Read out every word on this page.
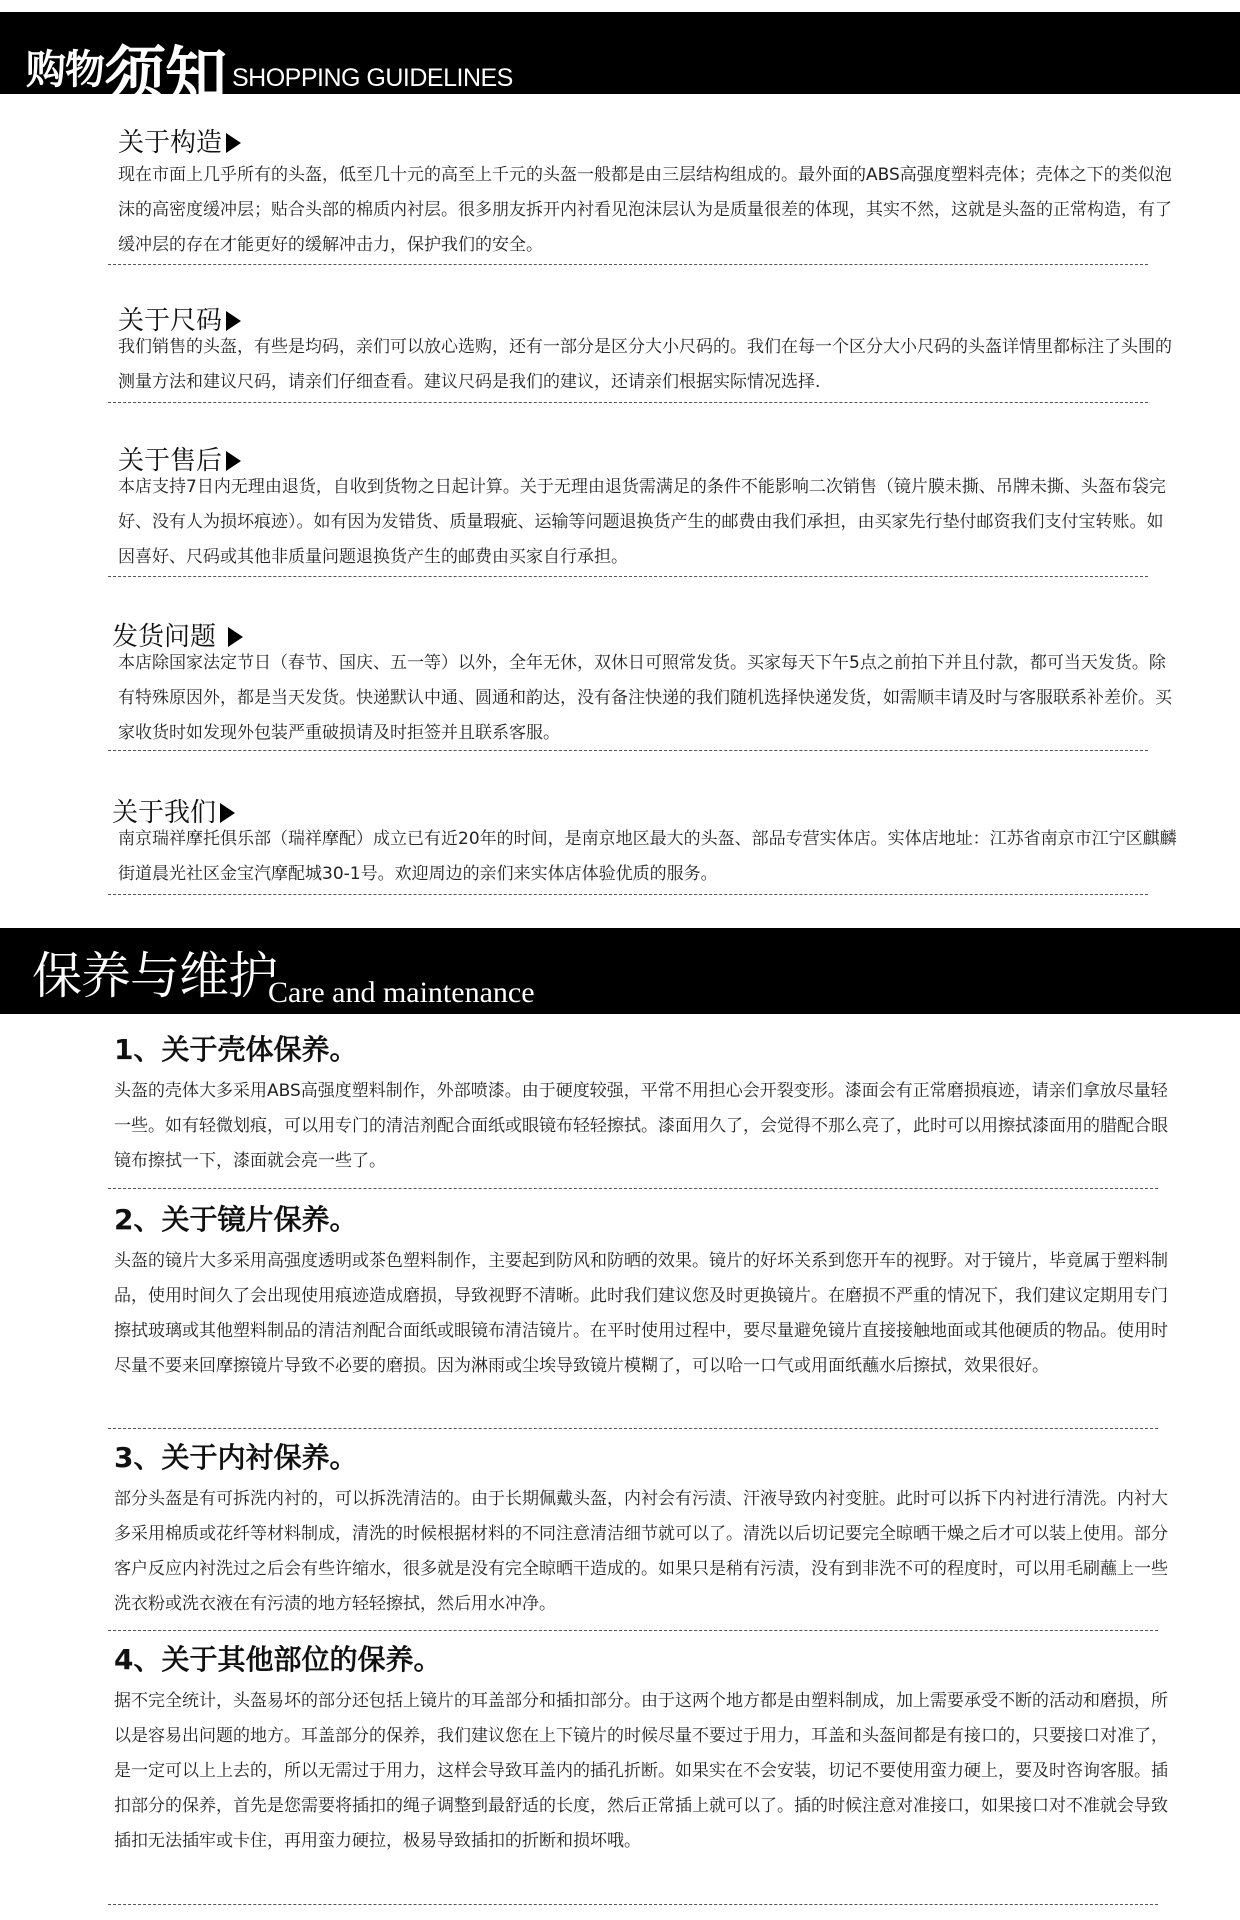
购物 须知 SHOPPING GUIDELINES
关于构造
现在市面上几乎所有的头盔，低至几十元的高至上千元的头盔一般都是由三层结构组成的。最外面的ABS高强度塑料壳体；壳体之下的类似泡沫的高密度缓冲层；贴合头部的棉质内衬层。很多朋友拆开内衬看见泡沫层认为是质量很差的体现，其实不然，这就是头盔的正常构造，有了缓冲层的存在才能更好的缓解冲击力，保护我们的安全。
关于尺码
我们销售的头盔，有些是均码，亲们可以放心选购，还有一部分是区分大小尺码的。我们在每一个区分大小尺码的头盔详情里都标注了头围的测量方法和建议尺码，请亲们仔细查看。建议尺码是我们的建议，还请亲们根据实际情况选择.
关于售后
本店支持7日内无理由退货，自收到货物之日起计算。关于无理由退货需满足的条件不能影响二次销售（镜片膜未撕、吊牌未撕、头盔布袋完好、没有人为损坏痕迹）。如有因为发错货、质量瑕疵、运输等问题退换货产生的邮费由我们承担，由买家先行垫付邮资我们支付宝转账。如因喜好、尺码或其他非质量问题退换货产生的邮费由买家自行承担。
发货问题
本店除国家法定节日（春节、国庆、五一等）以外，全年无休，双休日可照常发货。买家每天下午5点之前拍下并且付款，都可当天发货。除有特殊原因外，都是当天发货。快递默认中通、圆通和韵达，没有备注快递的我们随机选择快递发货，如需顺丰请及时与客服联系补差价。买家收货时如发现外包装严重破损请及时拒签并且联系客服。
关于我们
南京瑞祥摩托俱乐部（瑞祥摩配）成立已有近20年的时间，是南京地区最大的头盔、部品专营实体店。实体店地址：江苏省南京市江宁区麒麟街道晨光社区金宝汽摩配城30-1号。欢迎周边的亲们来实体店体验优质的服务。
保养与维护
Care and maintenance
1、关于壳体保养。
头盔的壳体大多采用ABS高强度塑料制作，外部喷漆。由于硬度较强，平常不用担心会开裂变形。漆面会有正常磨损痕迹，请亲们拿放尽量轻一些。如有轻微划痕，可以用专门的清洁剂配合面纸或眼镜布轻轻擦拭。漆面用久了，会觉得不那么亮了，此时可以用擦拭漆面用的腊配合眼镜布擦拭一下，漆面就会亮一些了。
2、关于镜片保养。
头盔的镜片大多采用高强度透明或茶色塑料制作，主要起到防风和防晒的效果。镜片的好坏关系到您开车的视野。对于镜片，毕竟属于塑料制品，使用时间久了会出现使用痕迹造成磨损，导致视野不清晰。此时我们建议您及时更换镜片。在磨损不严重的情况下，我们建议定期用专门擦拭玻璃或其他塑料制品的清洁剂配合面纸或眼镜布清洁镜片。在平时使用过程中，要尽量避免镜片直接接触地面或其他硬质的物品。使用时尽量不要来回摩擦镜片导致不必要的磨损。因为淋雨或尘埃导致镜片模糊了，可以哈一口气或用面纸蘸水后擦拭，效果很好。
3、关于内衬保养。
部分头盔是有可拆洗内衬的，可以拆洗清洁的。由于长期佩戴头盔，内衬会有污渍、汗液导致内衬变脏。此时可以拆下内衬进行清洗。内衬大多采用棉质或花纤等材料制成，清洗的时候根据材料的不同注意清洁细节就可以了。清洗以后切记要完全晾晒干燥之后才可以装上使用。部分客户反应内衬洗过之后会有些许缩水，很多就是没有完全晾晒干造成的。如果只是稍有污渍，没有到非洗不可的程度时，可以用毛刷蘸上一些洗衣粉或洗衣液在有污渍的地方轻轻擦拭，然后用水冲净。
4、关于其他部位的保养。
据不完全统计，头盔易坏的部分还包括上镜片的耳盖部分和插扣部分。由于这两个地方都是由塑料制成，加上需要承受不断的活动和磨损，所以是容易出问题的地方。耳盖部分的保养，我们建议您在上下镜片的时候尽量不要过于用力，耳盖和头盔间都是有接口的，只要接口对准了，是一定可以上上去的，所以无需过于用力，这样会导致耳盖内的插孔折断。如果实在不会安装，切记不要使用蛮力硬上，要及时咨询客服。插扣部分的保养，首先是您需要将插扣的绳子调整到最舒适的长度，然后正常插上就可以了。插的时候注意对准接口，如果接口对不准就会导致插扣无法插牢或卡住，再用蛮力硬拉，极易导致插扣的折断和损坏哦。
